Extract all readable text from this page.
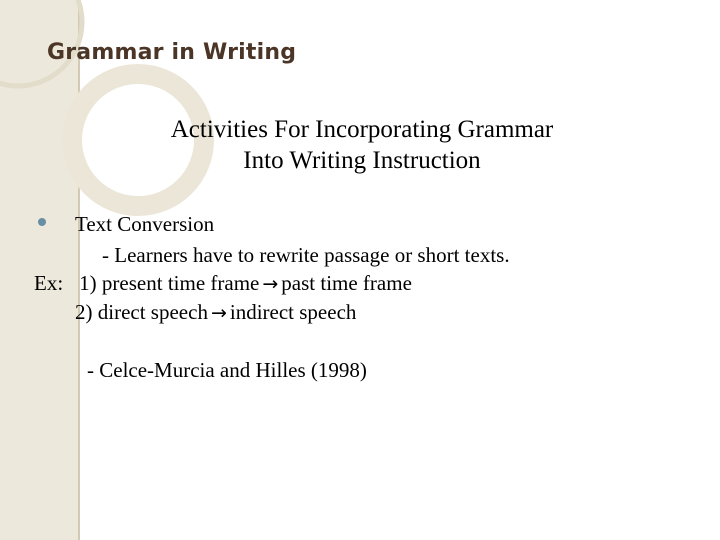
Grammar in Writing
Activities For Incorporating Grammar
Into Writing Instruction
Text Conversion
- Learners have to rewrite passage or short texts.
Ex: 1) present time frame → past time frame
2) direct speech → indirect speech
- Celce-Murcia and Hilles (1998)
